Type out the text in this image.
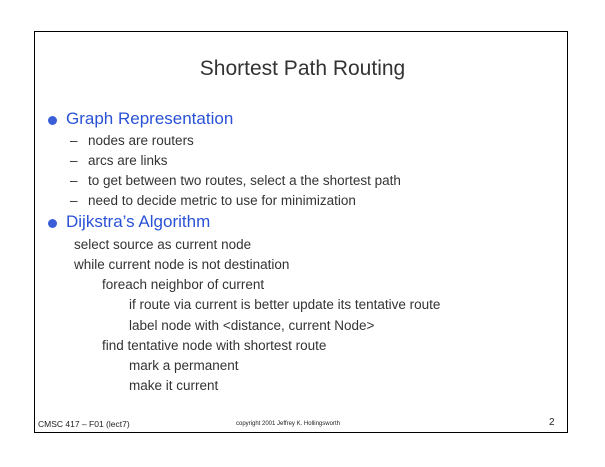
Shortest Path Routing
Graph Representation
– nodes are routers
– arcs are links
– to get between two routes, select a the shortest path
– need to decide metric to use for minimization
Dijkstra’s Algorithm
select source as current node
while current node is not destination
foreach neighbor of current
if route via current is better update its tentative route
label node with <distance, current Node>
find tentative node with shortest route
mark a permanent
make it current
CMSC 417 – F01 (lect7)	copyright 2001 Jeffrey K. Hollingsworth	2
